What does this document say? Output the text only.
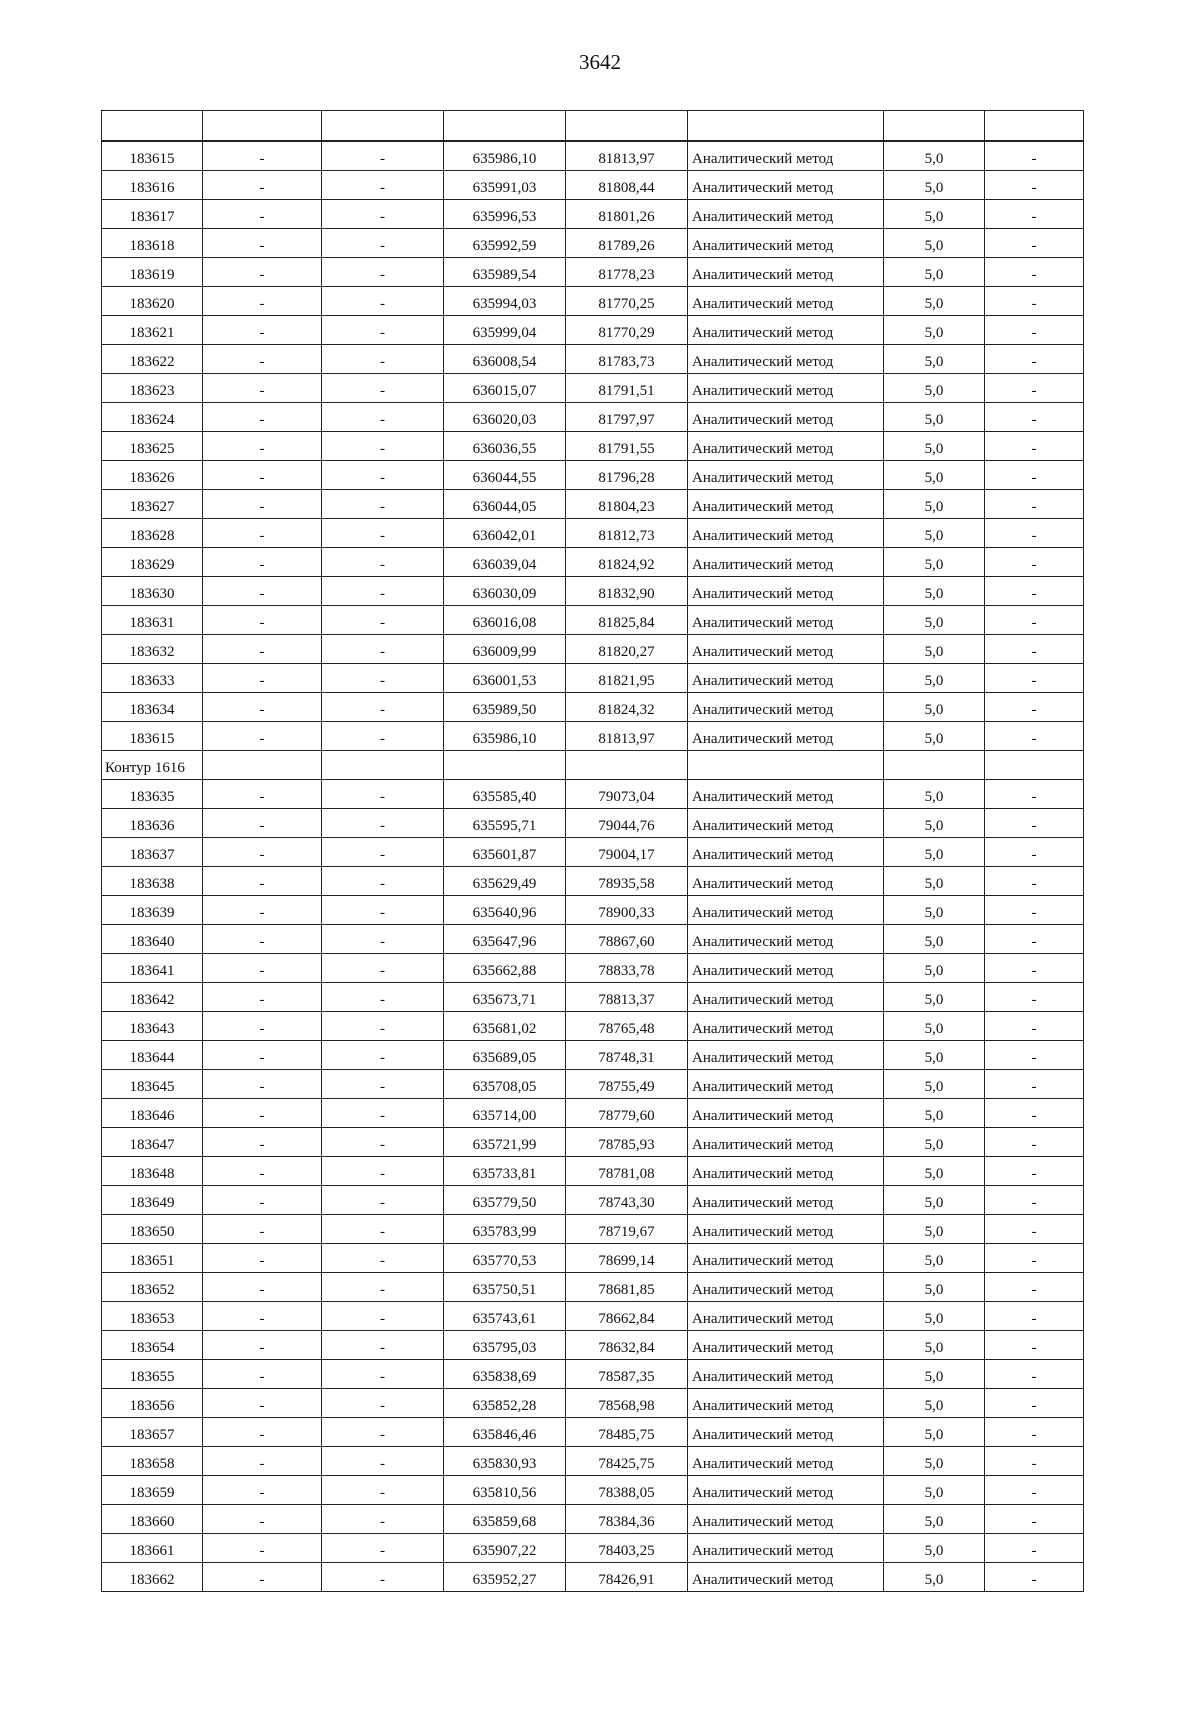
3642

183615	-	-	635986,10	81813,97	Аналитический метод	5,0	-
183616	-	-	635991,03	81808,44	Аналитический метод	5,0	-
183617	-	-	635996,53	81801,26	Аналитический метод	5,0	-
183618	-	-	635992,59	81789,26	Аналитический метод	5,0	-
183619	-	-	635989,54	81778,23	Аналитический метод	5,0	-
183620	-	-	635994,03	81770,25	Аналитический метод	5,0	-
183621	-	-	635999,04	81770,29	Аналитический метод	5,0	-
183622	-	-	636008,54	81783,73	Аналитический метод	5,0	-
183623	-	-	636015,07	81791,51	Аналитический метод	5,0	-
183624	-	-	636020,03	81797,97	Аналитический метод	5,0	-
183625	-	-	636036,55	81791,55	Аналитический метод	5,0	-
183626	-	-	636044,55	81796,28	Аналитический метод	5,0	-
183627	-	-	636044,05	81804,23	Аналитический метод	5,0	-
183628	-	-	636042,01	81812,73	Аналитический метод	5,0	-
183629	-	-	636039,04	81824,92	Аналитический метод	5,0	-
183630	-	-	636030,09	81832,90	Аналитический метод	5,0	-
183631	-	-	636016,08	81825,84	Аналитический метод	5,0	-
183632	-	-	636009,99	81820,27	Аналитический метод	5,0	-
183633	-	-	636001,53	81821,95	Аналитический метод	5,0	-
183634	-	-	635989,50	81824,32	Аналитический метод	5,0	-
183615	-	-	635986,10	81813,97	Аналитический метод	5,0	-
Контур 1616							
183635	-	-	635585,40	79073,04	Аналитический метод	5,0	-
183636	-	-	635595,71	79044,76	Аналитический метод	5,0	-
183637	-	-	635601,87	79004,17	Аналитический метод	5,0	-
183638	-	-	635629,49	78935,58	Аналитический метод	5,0	-
183639	-	-	635640,96	78900,33	Аналитический метод	5,0	-
183640	-	-	635647,96	78867,60	Аналитический метод	5,0	-
183641	-	-	635662,88	78833,78	Аналитический метод	5,0	-
183642	-	-	635673,71	78813,37	Аналитический метод	5,0	-
183643	-	-	635681,02	78765,48	Аналитический метод	5,0	-
183644	-	-	635689,05	78748,31	Аналитический метод	5,0	-
183645	-	-	635708,05	78755,49	Аналитический метод	5,0	-
183646	-	-	635714,00	78779,60	Аналитический метод	5,0	-
183647	-	-	635721,99	78785,93	Аналитический метод	5,0	-
183648	-	-	635733,81	78781,08	Аналитический метод	5,0	-
183649	-	-	635779,50	78743,30	Аналитический метод	5,0	-
183650	-	-	635783,99	78719,67	Аналитический метод	5,0	-
183651	-	-	635770,53	78699,14	Аналитический метод	5,0	-
183652	-	-	635750,51	78681,85	Аналитический метод	5,0	-
183653	-	-	635743,61	78662,84	Аналитический метод	5,0	-
183654	-	-	635795,03	78632,84	Аналитический метод	5,0	-
183655	-	-	635838,69	78587,35	Аналитический метод	5,0	-
183656	-	-	635852,28	78568,98	Аналитический метод	5,0	-
183657	-	-	635846,46	78485,75	Аналитический метод	5,0	-
183658	-	-	635830,93	78425,75	Аналитический метод	5,0	-
183659	-	-	635810,56	78388,05	Аналитический метод	5,0	-
183660	-	-	635859,68	78384,36	Аналитический метод	5,0	-
183661	-	-	635907,22	78403,25	Аналитический метод	5,0	-
183662	-	-	635952,27	78426,91	Аналитический метод	5,0	-
